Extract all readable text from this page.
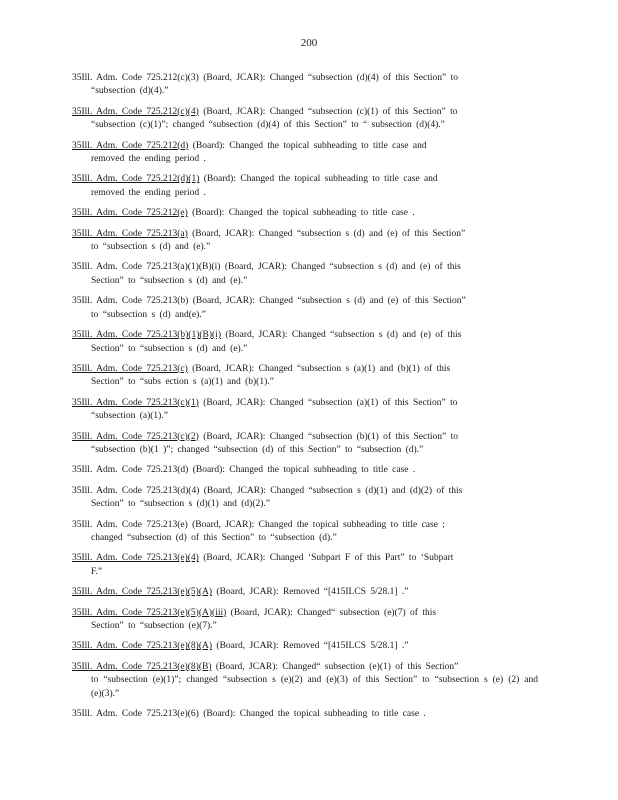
200
35Ill. Adm. Code 725.212(c)(3) (Board, JCAR): Changed “subsection (d)(4) of this Section” to
“subsection (d)(4).”
35Ill. Adm. Code 725.212(c)(4) (Board, JCAR): Changed “subsection (c)(1) of this Section” to
“subsection (c)(1)”; changed “subsection (d)(4) of this Section” to “ subsection (d)(4).”
35Ill. Adm. Code 725.212(d) (Board): Changed the topical subheading to title case and
removed the ending period .
35Ill. Adm. Code 725.212(d)(1) (Board): Changed the topical subheading to title case and
removed the ending period .
35Ill. Adm. Code 725.212(e) (Board): Changed the topical subheading to title case .
35Ill. Adm. Code 725.213(a) (Board, JCAR): Changed “subsection s (d) and (e) of this Section”
to “subsection s (d) and (e).”
35Ill. Adm. Code 725.213(a)(1)(B)(i) (Board, JCAR): Changed “subsection s (d) and (e) of this
Section” to “subsection s (d) and (e).”
35Ill. Adm. Code 725.213(b) (Board, JCAR): Changed “subsection s (d) and (e) of this Section”
to “subsection s (d) and(e).”
35Ill. Adm. Code 725.213(b)(1)(B)(i) (Board, JCAR): Changed “subsection s (d) and (e) of this
Section” to “subsection s (d) and (e).”
35Ill. Adm. Code 725.213(c) (Board, JCAR): Changed “subsection s (a)(1) and (b)(1) of this
Section” to “subs ection s (a)(1) and (b)(1).”
35Ill. Adm. Code 725.213(c)(1) (Board, JCAR): Changed “subsection (a)(1) of this Section” to
“subsection (a)(1).”
35Ill. Adm. Code 725.213(c)(2) (Board, JCAR): Changed “subsection (b)(1) of this Section” to
“subsection (b)(1 )”; changed “subsection (d) of this Section” to “subsection (d).”
35Ill. Adm. Code 725.213(d) (Board): Changed the topical subheading to title case .
35Ill. Adm. Code 725.213(d)(4) (Board, JCAR): Changed “subsection s (d)(1) and (d)(2) of this
Section” to “subsection s (d)(1) and (d)(2).”
35Ill. Adm. Code 725.213(e) (Board, JCAR): Changed the topical subheading to title case ;
changed “subsection (d) of this Section” to “subsection (d).”
35Ill. Adm. Code 725.213(e)(4) (Board, JCAR): Changed ‘Subpart F of this Part” to ‘Subpart
F.”
35Ill. Adm. Code 725.213(e)(5)(A) (Board, JCAR): Removed “[415ILCS 5/28.1] .”
35Ill. Adm. Code 725.213(e)(5)(A)(iii) (Board, JCAR): Changed“ subsection (e)(7) of this
Section” to “subsection (e)(7).”
35Ill. Adm. Code 725.213(e)(8)(A) (Board, JCAR): Removed “[415ILCS 5/28.1] .”
35Ill. Adm. Code 725.213(e)(8)(B) (Board, JCAR): Changed“ subsection (e)(1) of this Section”
to “subsection (e)(1)”; changed “subsection s (e)(2) and (e)(3) of this Section” to “subsection s (e) (2) and (e)(3).”
35Ill. Adm. Code 725.213(e)(6) (Board): Changed the topical subheading to title case .
